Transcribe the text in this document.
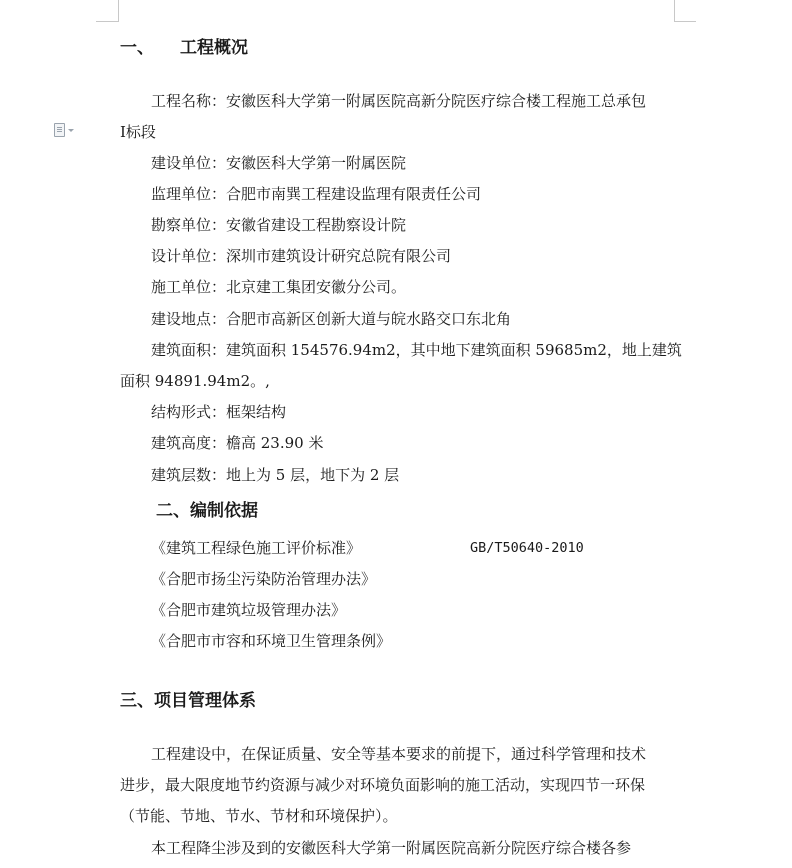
一、 工程概况
工程名称：安徽医科大学第一附属医院高新分院医疗综合楼工程施工总承包
Ⅰ标段
建设单位：安徽医科大学第一附属医院
监理单位：合肥市南巽工程建设监理有限责任公司
勘察单位：安徽省建设工程勘察设计院
设计单位：深圳市建筑设计研究总院有限公司
施工单位：北京建工集团安徽分公司。
建设地点：合肥市高新区创新大道与皖水路交口东北角
建筑面积：建筑面积 154576.94m2，其中地下建筑面积 59685m2，地上建筑
面积 94891.94m2。,
结构形式：框架结构
建筑高度：檐高 23.90 米
建筑层数：地上为 5 层，地下为 2 层
二、编制依据
《建筑工程绿色施工评价标准》	GB/T50640-2010
《合肥市扬尘污染防治管理办法》
《合肥市建筑垃圾管理办法》
《合肥市市容和环境卫生管理条例》
三、项目管理体系
工程建设中，在保证质量、安全等基本要求的前提下，通过科学管理和技术
进步，最大限度地节约资源与减少对环境负面影响的施工活动，实现四节一环保
（节能、节地、节水、节材和环境保护）。
本工程降尘涉及到的安徽医科大学第一附属医院高新分院医疗综合楼各参
